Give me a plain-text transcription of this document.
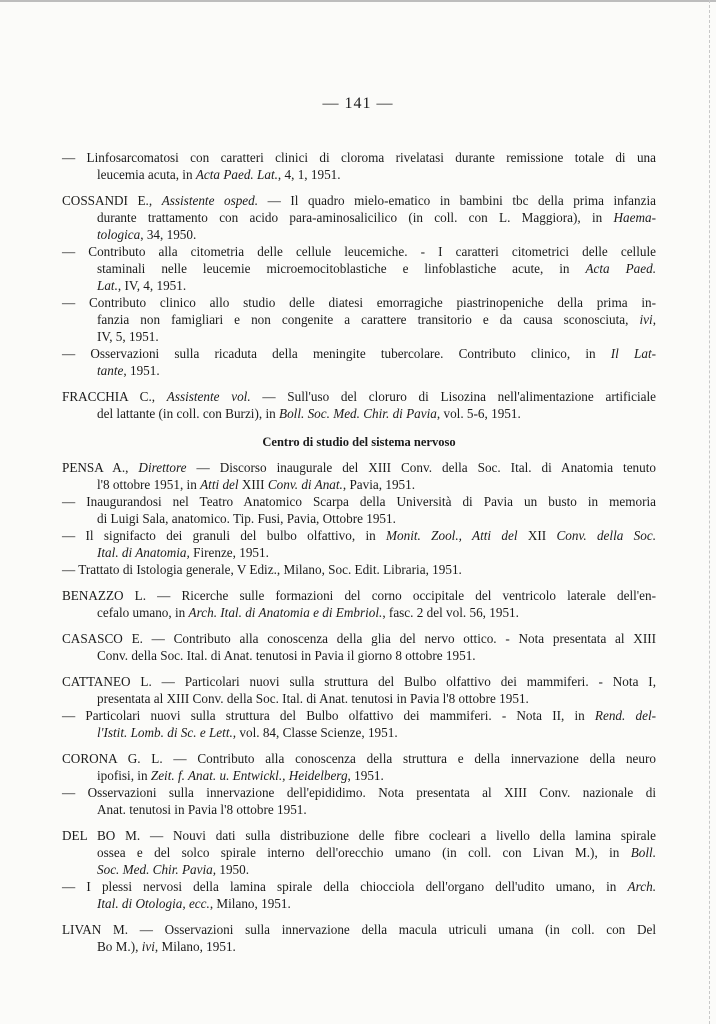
— 141 —
— Linfosarcomatosi con caratteri clinici di cloroma rivelatasi durante remissione totale di una
leucemia acuta, in Acta Paed. Lat., 4, 1, 1951.
COSSANDI E., Assistente osped. — Il quadro mielo-ematico in bambini tbc della prima infanzia
durante trattamento con acido para-aminosalicilico (in coll. con L. Maggiora), in Haema-
tologica, 34, 1950.
— Contributo alla citometria delle cellule leucemiche. - I caratteri citometrici delle cellule
staminali nelle leucemie microemocitoblastiche e linfoblastiche acute, in Acta Paed.
Lat., IV, 4, 1951.
— Contributo clinico allo studio delle diatesi emorragiche piastrinopeniche della prima in-
fanzia non famigliari e non congenite a carattere transitorio e da causa sconosciuta, ivi,
IV, 5, 1951.
— Osservazioni sulla ricaduta della meningite tubercolare. Contributo clinico, in Il Lat-
tante, 1951.
FRACCHIA C., Assistente vol. — Sull'uso del cloruro di Lisozina nell'alimentazione artificiale
del lattante (in coll. con Burzi), in Boll. Soc. Med. Chir. di Pavia, vol. 5-6, 1951.
Centro di studio del sistema nervoso
PENSA A., Direttore — Discorso inaugurale del XIII Conv. della Soc. Ital. di Anatomia tenuto
l'8 ottobre 1951, in Atti del XIII Conv. di Anat., Pavia, 1951.
— Inaugurandosi nel Teatro Anatomico Scarpa della Università di Pavia un busto in memoria
di Luigi Sala, anatomico. Tip. Fusi, Pavia, Ottobre 1951.
— Il signifacto dei granuli del bulbo olfattivo, in Monit. Zool., Atti del XII Conv. della Soc.
Ital. di Anatomia, Firenze, 1951.
— Trattato di Istologia generale, V Ediz., Milano, Soc. Edit. Libraria, 1951.
BENAZZO L. — Ricerche sulle formazioni del corno occipitale del ventricolo laterale dell'en-
cefalo umano, in Arch. Ital. di Anatomia e di Embriol., fasc. 2 del vol. 56, 1951.
CASASCO E. — Contributo alla conoscenza della glia del nervo ottico. - Nota presentata al XIII
Conv. della Soc. Ital. di Anat. tenutosi in Pavia il giorno 8 ottobre 1951.
CATTANEO L. — Particolari nuovi sulla struttura del Bulbo olfattivo dei mammiferi. - Nota I,
presentata al XIII Conv. della Soc. Ital. di Anat. tenutosi in Pavia l'8 ottobre 1951.
— Particolari nuovi sulla struttura del Bulbo olfattivo dei mammiferi. - Nota II, in Rend. del-
l'Istit. Lomb. di Sc. e Lett., vol. 84, Classe Scienze, 1951.
CORONA G. L. — Contributo alla conoscenza della struttura e della innervazione della neuro
ipofisi, in Zeit. f. Anat. u. Entwickl., Heidelberg, 1951.
— Osservazioni sulla innervazione dell'epididimo. Nota presentata al XIII Conv. nazionale di
Anat. tenutosi in Pavia l'8 ottobre 1951.
DEL BO M. — Nouvi dati sulla distribuzione delle fibre cocleari a livello della lamina spirale
ossea e del solco spirale interno dell'orecchio umano (in coll. con Livan M.), in Boll.
Soc. Med. Chir. Pavia, 1950.
— I plessi nervosi della lamina spirale della chiocciola dell'organo dell'udito umano, in Arch.
Ital. di Otologia, ecc., Milano, 1951.
LIVAN M. — Osservazioni sulla innervazione della macula utriculi umana (in coll. con Del
Bo M.), ivi, Milano, 1951.
